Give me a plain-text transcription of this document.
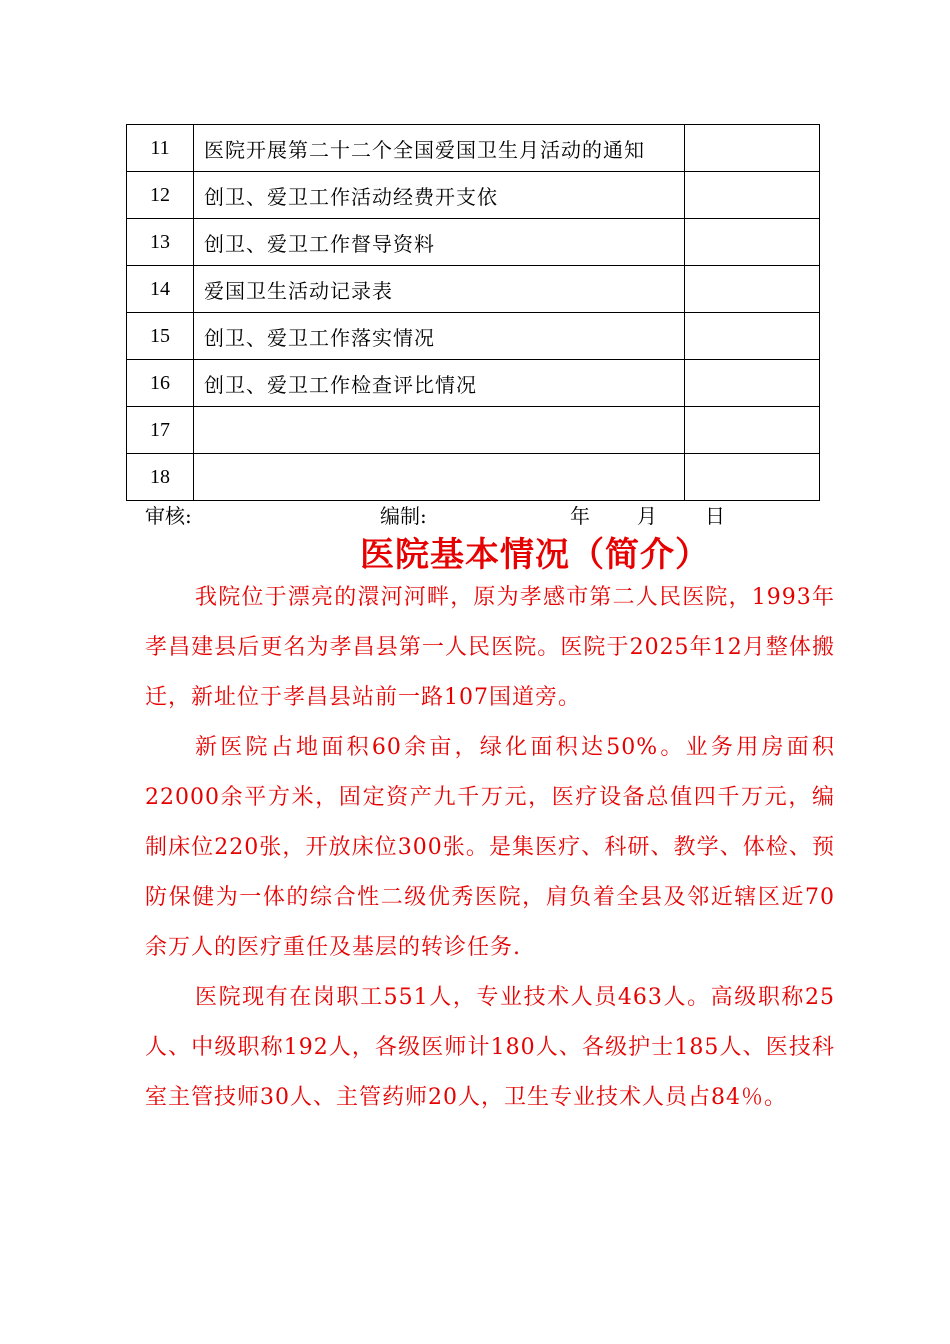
11	医院开展第二十二个全国爱国卫生月活动的通知	
12	创卫、爱卫工作活动经费开支依	
13	创卫、爱卫工作督导资料	
14	爱国卫生活动记录表	
15	创卫、爱卫工作落实情况	
16	创卫、爱卫工作检查评比情况	
17		
18		
审核:	编制:	年 月 日
医院基本情况（简介）

我院位于漂亮的澴河河畔，原为孝感市第二人民医院，1993年孝昌建县后更名为孝昌县第一人民医院。医院于2025年12月整体搬迁，新址位于孝昌县站前一路107国道旁。

新医院占地面积60余亩，绿化面积达50%。业务用房面积22000余平方米，固定资产九千万元，医疗设备总值四千万元，编制床位220张，开放床位300张。是集医疗、科研、教学、体检、预防保健为一体的综合性二级优秀医院，肩负着全县及邻近辖区近70余万人的医疗重任及基层的转诊任务.

医院现有在岗职工551人，专业技术人员463人。高级职称25人、中级职称192人，各级医师计180人、各级护士185人、医技科室主管技师30人、主管药师20人，卫生专业技术人员占84％。
